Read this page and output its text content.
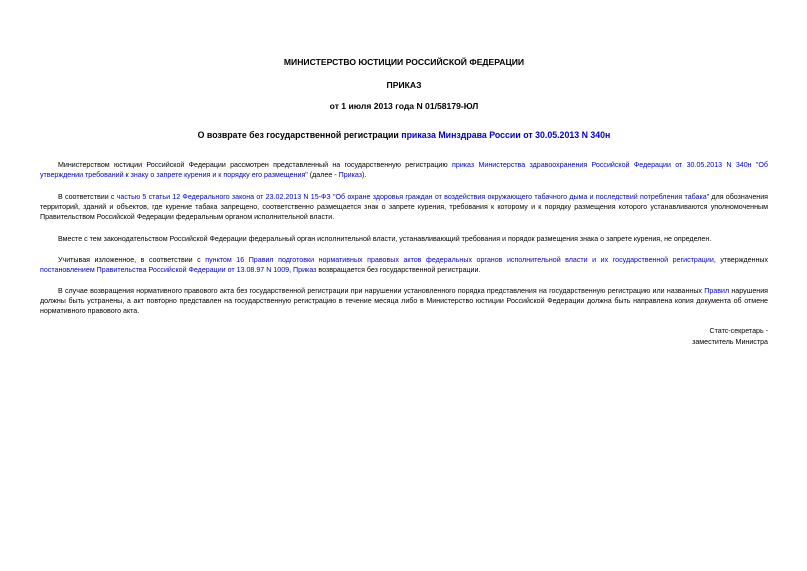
МИНИСТЕРСТВО ЮСТИЦИИ РОССИЙСКОЙ ФЕДЕРАЦИИ
ПРИКАЗ
от 1 июля 2013 года N 01/58179-ЮЛ
О возврате без государственной регистрации приказа Минздрава России от 30.05.2013 N 340н
Министерством юстиции Российской Федерации рассмотрен представленный на государственную регистрацию приказ Министерства здравоохранения Российской Федерации от 30.05.2013 N 340н "Об утверждении требований к знаку о запрете курения и к порядку его размещения" (далее - Приказ).
В соответствии с частью 5 статьи 12 Федерального закона от 23.02.2013 N 15-ФЗ "Об охране здоровья граждан от воздействия окружающего табачного дыма и последствий потребления табака" для обозначения территорий, зданий и объектов, где курение табака запрещено, соответственно размещается знак о запрете курения, требования к которому и к порядку размещения которого устанавливаются уполномоченным Правительством Российской Федерации федеральным органом исполнительной власти.
Вместе с тем законодательством Российской Федерации федеральный орган исполнительной власти, устанавливающий требования и порядок размещения знака о запрете курения, не определен.
Учитывая изложенное, в соответствии с пунктом 16 Правил подготовки нормативных правовых актов федеральных органов исполнительной власти и их государственной регистрации, утвержденных постановлением Правительства Российской Федерации от 13.08.97 N 1009, Приказ возвращается без государственной регистрации.
В случае возвращения нормативного правового акта без государственной регистрации при нарушении установленного порядка представления на государственную регистрацию или названных Правил нарушения должны быть устранены, а акт повторно представлен на государственную регистрацию в течение месяца либо в Министерство юстиции Российской Федерации должна быть направлена копия документа об отмене нормативного правового акта.
Статс-секретарь -
заместитель Министра
